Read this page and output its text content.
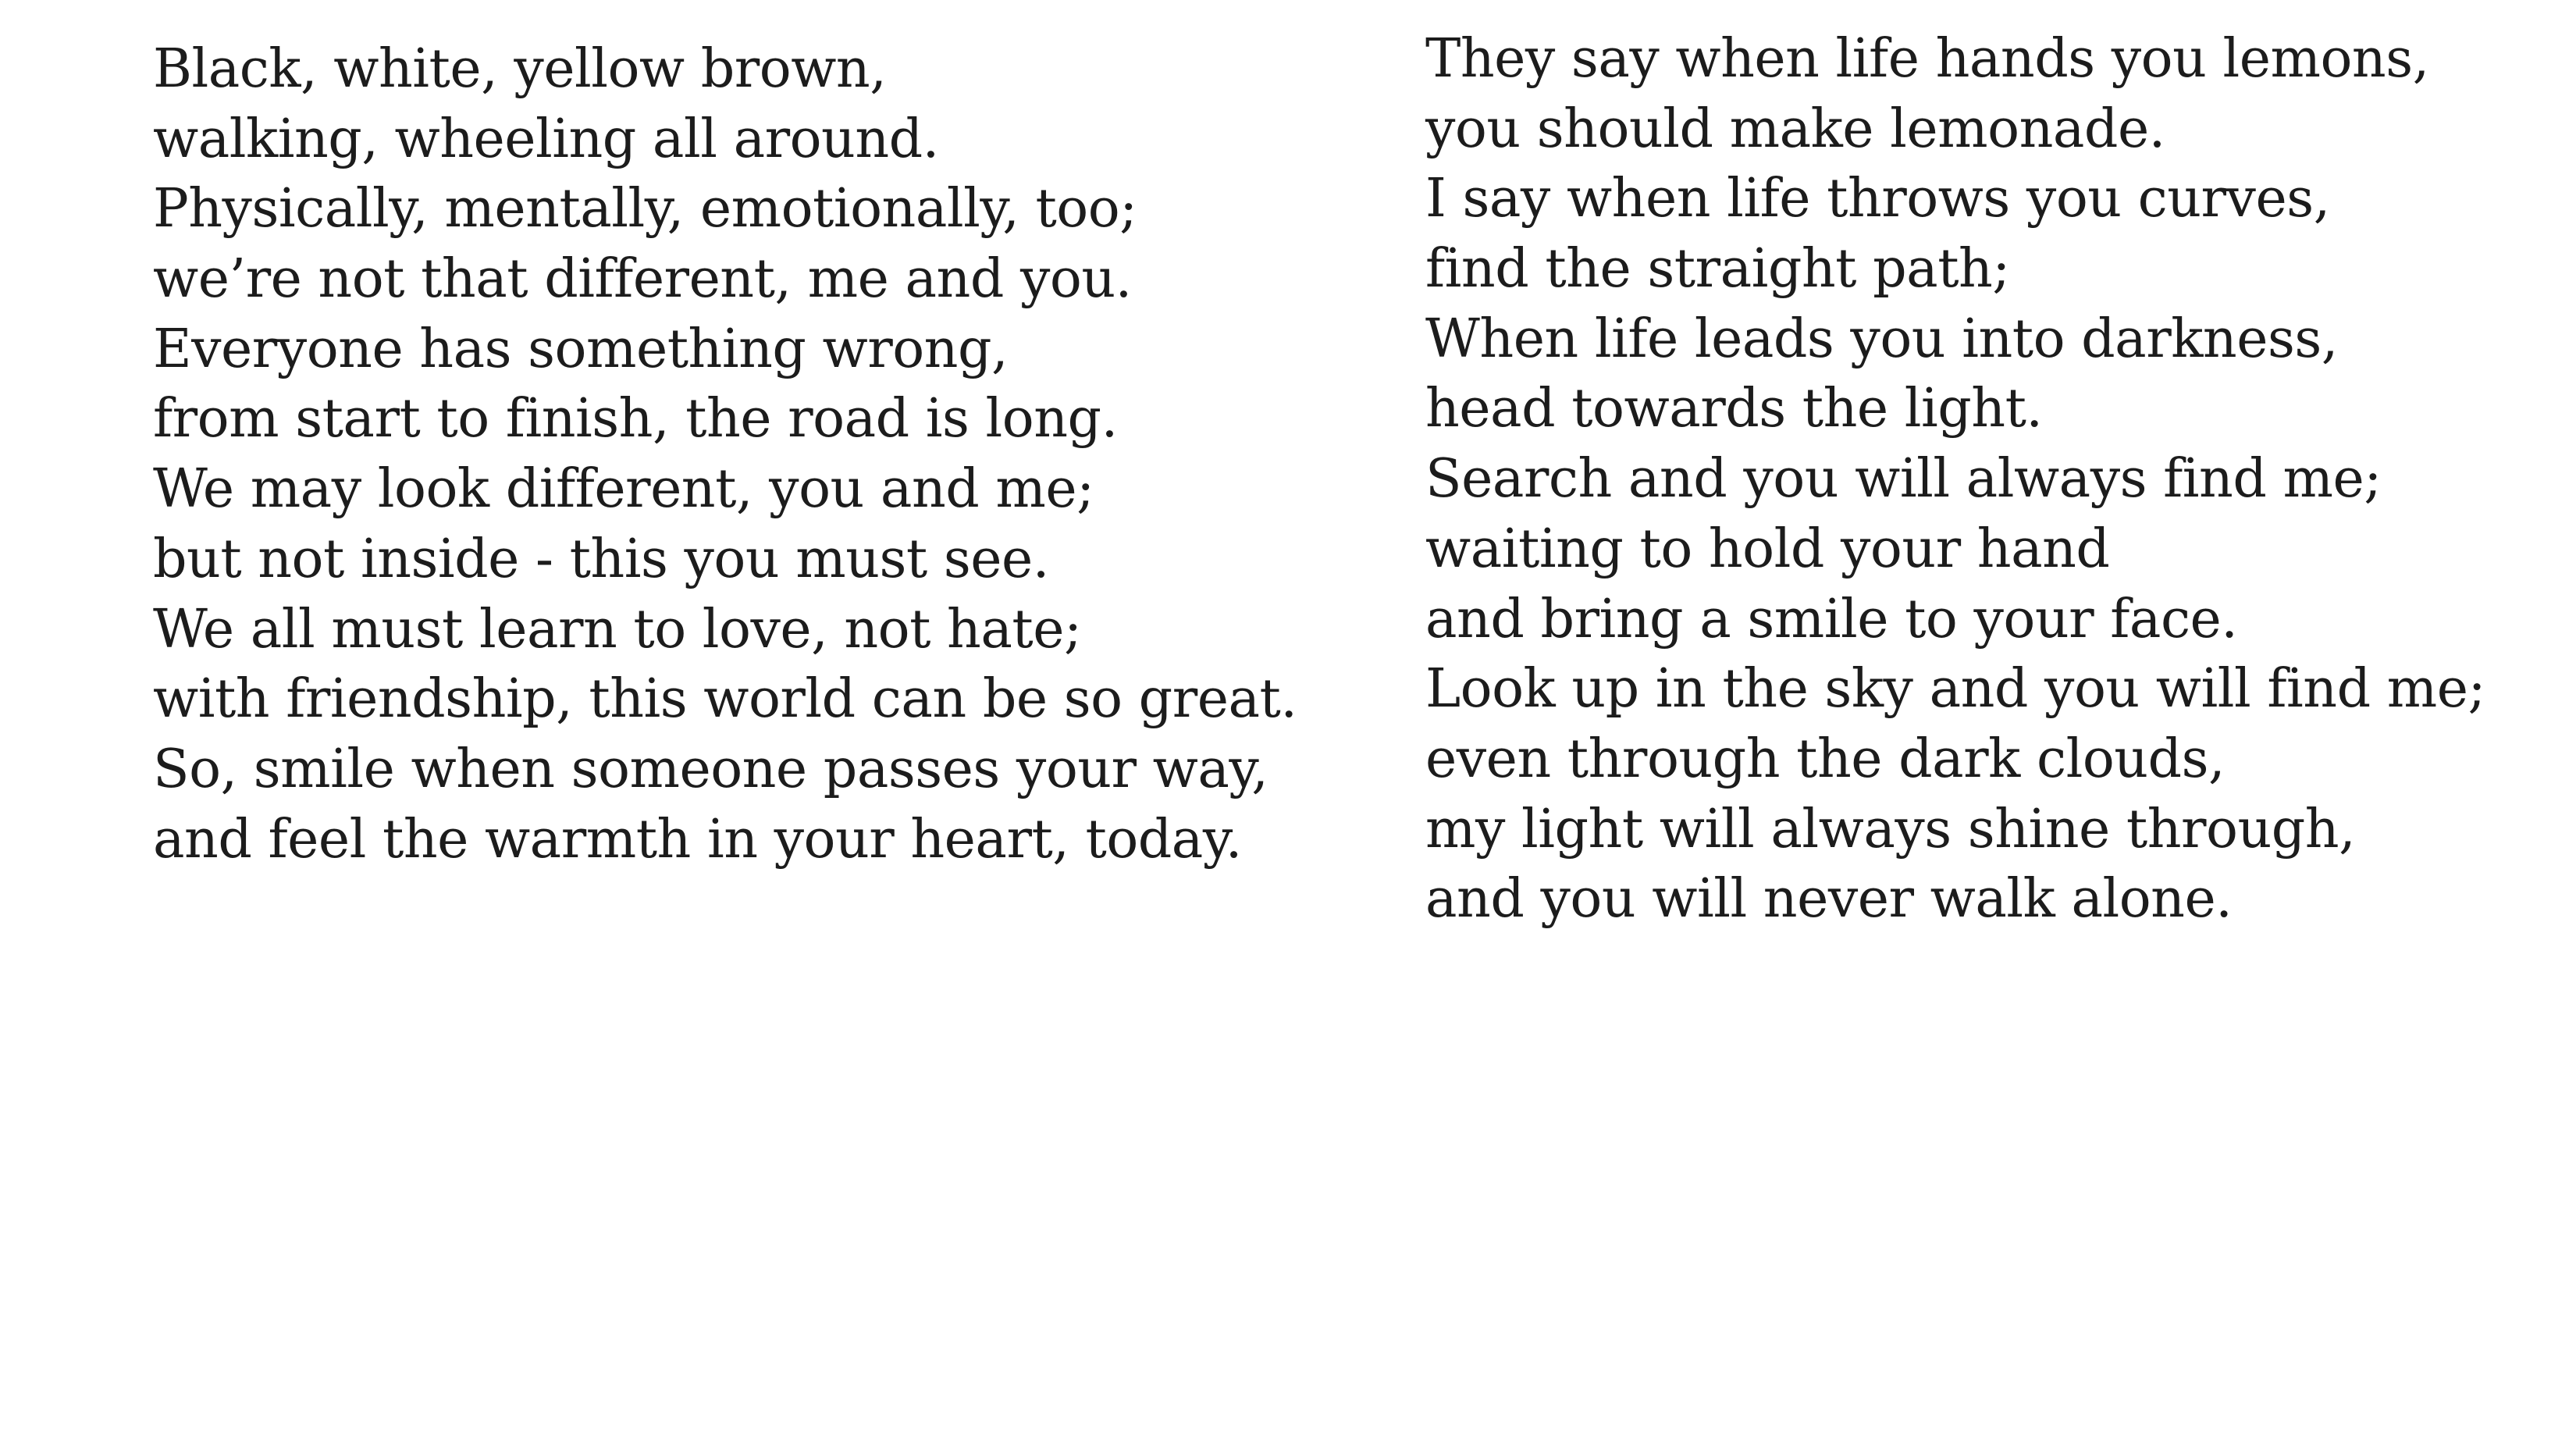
Black, white, yellow brown,
walking, wheeling all around.
Physically, mentally, emotionally, too;
we’re not that different, me and you.
Everyone has something wrong,
from start to finish, the road is long.
We may look different, you and me;
but not inside - this you must see.
We all must learn to love, not hate;
with friendship, this world can be so great.
So, smile when someone passes your way,
and feel the warmth in your heart, today.
They say when life hands you lemons,
you should make lemonade.
I say when life throws you curves,
find the straight path;
When life leads you into darkness,
head towards the light.
Search and you will always find me;
waiting to hold your hand
and bring a smile to your face.
Look up in the sky and you will find me;
even through the dark clouds,
my light will always shine through,
and you will never walk alone.
